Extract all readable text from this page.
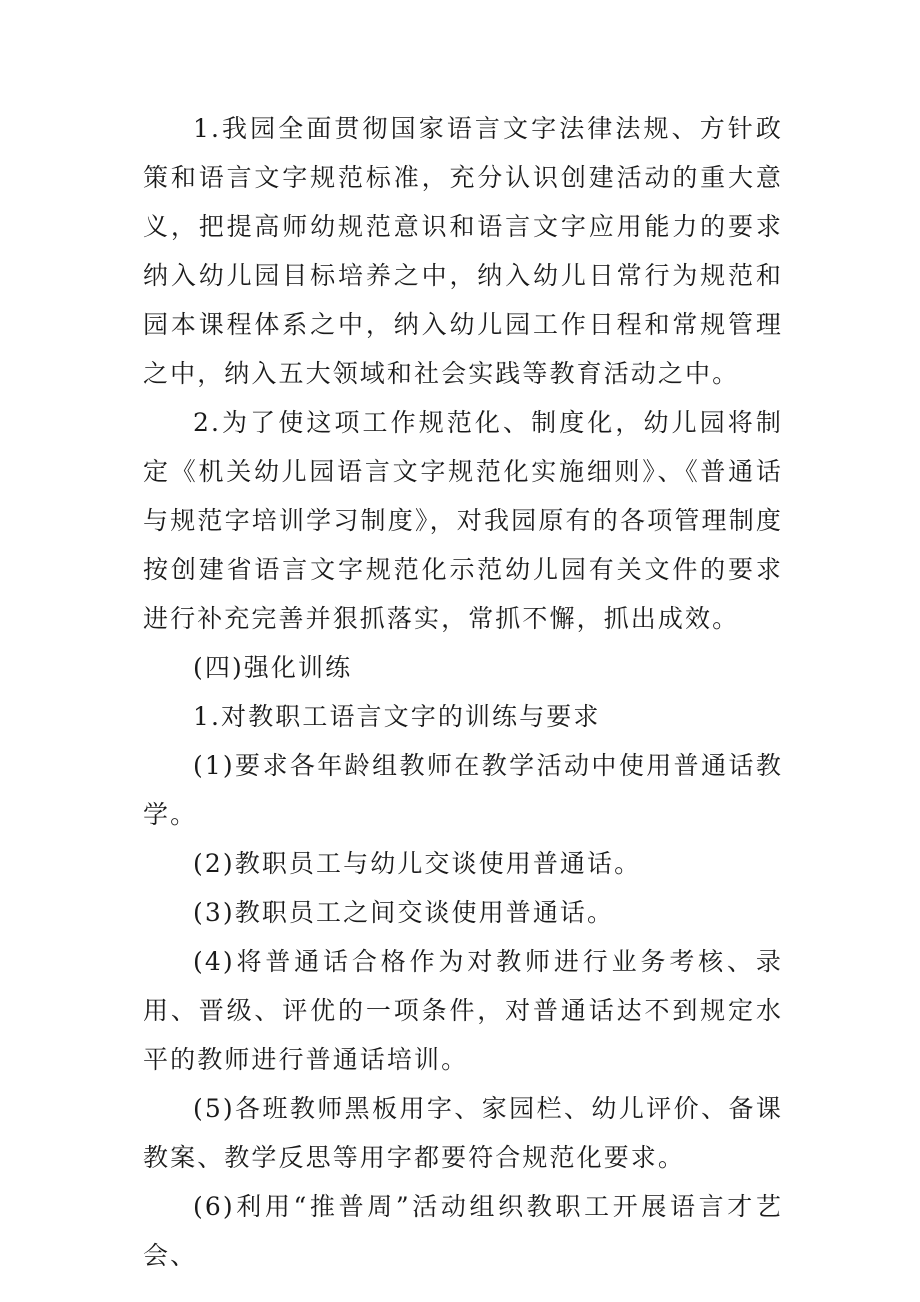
1.我园全面贯彻国家语言文字法律法规、方针政策和语言文字规范标准，充分认识创建活动的重大意义，把提高师幼规范意识和语言文字应用能力的要求纳入幼儿园目标培养之中，纳入幼儿日常行为规范和园本课程体系之中，纳入幼儿园工作日程和常规管理之中，纳入五大领域和社会实践等教育活动之中。

2.为了使这项工作规范化、制度化，幼儿园将制定《机关幼儿园语言文字规范化实施细则》、《普通话与规范字培训学习制度》，对我园原有的各项管理制度按创建省语言文字规范化示范幼儿园有关文件的要求进行补充完善并狠抓落实，常抓不懈，抓出成效。

(四)强化训练

1.对教职工语言文字的训练与要求

(1)要求各年龄组教师在教学活动中使用普通话教学。

(2)教职员工与幼儿交谈使用普通话。

(3)教职员工之间交谈使用普通话。

(4)将普通话合格作为对教师进行业务考核、录用、晋级、评优的一项条件，对普通话达不到规定水平的教师进行普通话培训。

(5)各班教师黑板用字、家园栏、幼儿评价、备课教案、教学反思等用字都要符合规范化要求。

(6)利用“推普周”活动组织教职工开展语言才艺会、
